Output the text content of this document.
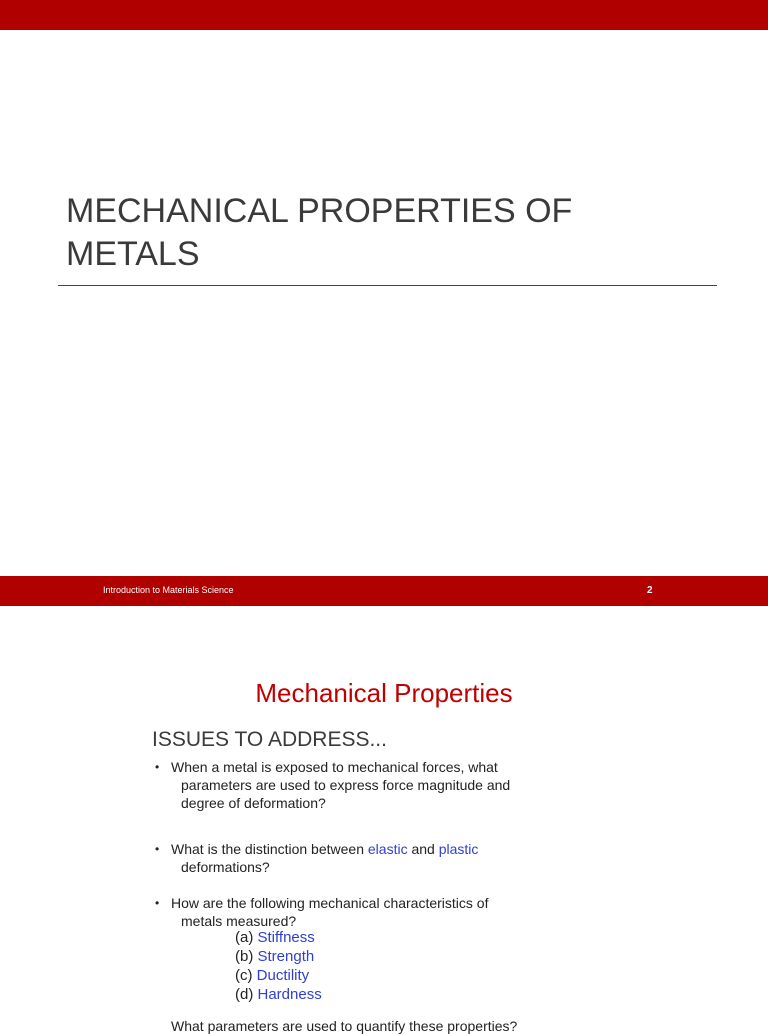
MECHANICAL PROPERTIES OF
METALS
Introduction to Materials Science	2
Mechanical Properties
ISSUES TO ADDRESS...
• When a metal is exposed to mechanical forces, what
parameters are used to express force magnitude and
degree of deformation?
• What is the distinction between elastic and plastic
deformations?
• How are the following mechanical characteristics of
metals measured?
(a) Stiffness
(b) Strength
(c) Ductility
(d) Hardness
What parameters are used to quantify these properties?
